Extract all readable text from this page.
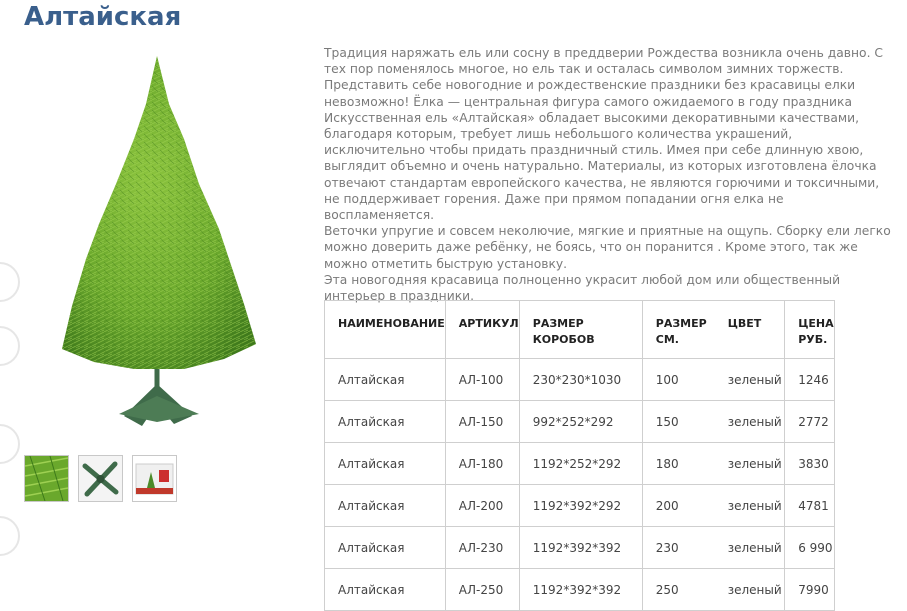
Алтайская

Традиция наряжать ель или сосну в преддверии Рождества возникла очень давно. С тех пор поменялось многое, но ель так и осталась символом зимних торжеств. Представить себе новогодние и рождественские праздники без красавицы елки невозможно! Ёлка — центральная фигура самого ожидаемого в году праздника

Искусственная ель «Алтайская» обладает высокими декоративными качествами, благодаря которым, требует лишь небольшого количества украшений, исключительно чтобы придать праздничный стиль. Имея при себе длинную хвою, выглядит объемно и очень натурально. Материалы, из которых изготовлена ёлочка отвечают стандартам европейского качества, не являются горючими и токсичными, не поддерживает горения. Даже при прямом попадании огня елка не воспламеняется.

Веточки упругие и совсем неколючие, мягкие и приятные на ощупь. Сборку ели легко можно доверить даже ребёнку, не боясь, что он поранится . Кроме этого, так же можно отметить быструю установку.

Эта новогодняя красавица полноценно украсит любой дом или общественный интерьер в праздники.

НАИМЕНОВАНИЕ	АРТИКУЛ	РАЗМЕР КОРОБОВ	РАЗМЕР СМ.	ЦВЕТ	ЦЕНА РУБ.
Алтайская	АЛ-100	230*230*1030	100	зеленый	1246
Алтайская	АЛ-150	992*252*292	150	зеленый	2772
Алтайская	АЛ-180	1192*252*292	180	зеленый	3830
Алтайская	АЛ-200	1192*392*292	200	зеленый	4781
Алтайская	АЛ-230	1192*392*392	230	зеленый	6 990
Алтайская	АЛ-250	1192*392*392	250	зеленый	7990
